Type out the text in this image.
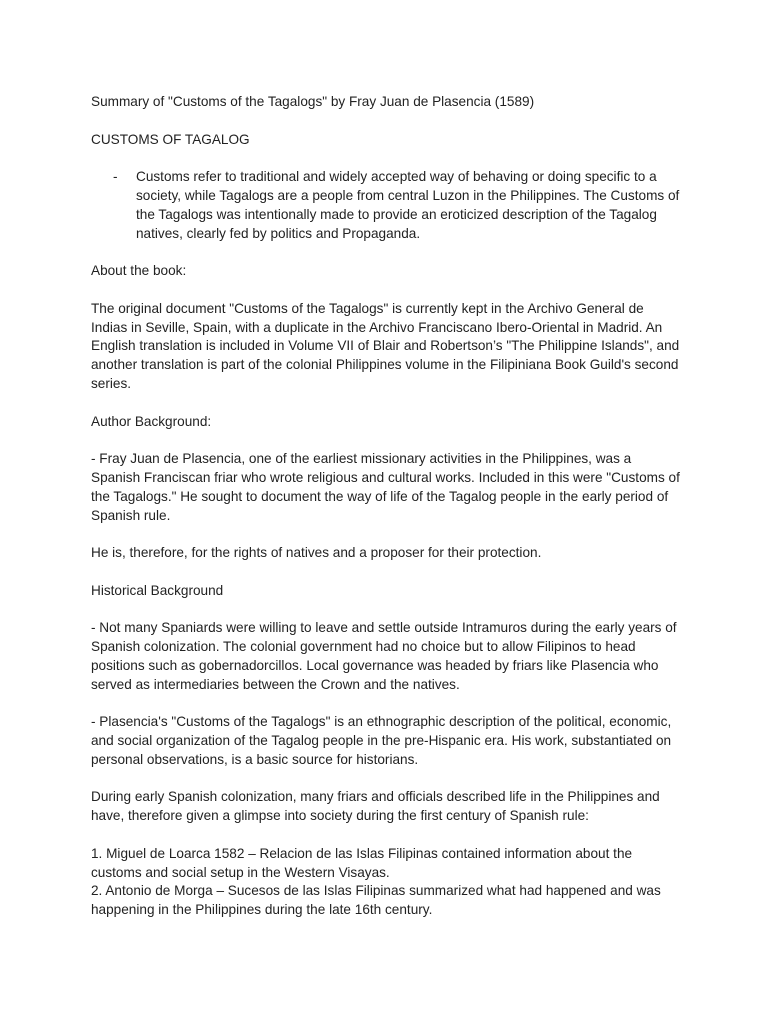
Summary of "Customs of the Tagalogs" by Fray Juan de Plasencia (1589)

CUSTOMS OF TAGALOG

- Customs refer to traditional and widely accepted way of behaving or doing specific to a society, while Tagalogs are a people from central Luzon in the Philippines. The Customs of the Tagalogs was intentionally made to provide an eroticized description of the Tagalog natives, clearly fed by politics and Propaganda.

About the book:

The original document "Customs of the Tagalogs" is currently kept in the Archivo General de Indias in Seville, Spain, with a duplicate in the Archivo Franciscano Ibero-Oriental in Madrid. An English translation is included in Volume VII of Blair and Robertson’s "The Philippine Islands", and another translation is part of the colonial Philippines volume in the Filipiniana Book Guild's second series.

Author Background:

- Fray Juan de Plasencia, one of the earliest missionary activities in the Philippines, was a Spanish Franciscan friar who wrote religious and cultural works. Included in this were "Customs of the Tagalogs." He sought to document the way of life of the Tagalog people in the early period of Spanish rule.

He is, therefore, for the rights of natives and a proposer for their protection.

Historical Background

- Not many Spaniards were willing to leave and settle outside Intramuros during the early years of Spanish colonization. The colonial government had no choice but to allow Filipinos to head positions such as gobernadorcillos. Local governance was headed by friars like Plasencia who served as intermediaries between the Crown and the natives.

- Plasencia's "Customs of the Tagalogs" is an ethnographic description of the political, economic, and social organization of the Tagalog people in the pre-Hispanic era. His work, substantiated on personal observations, is a basic source for historians.

During early Spanish colonization, many friars and officials described life in the Philippines and have, therefore given a glimpse into society during the first century of Spanish rule:

1. Miguel de Loarca 1582 – Relacion de las Islas Filipinas contained information about the customs and social setup in the Western Visayas.

2. Antonio de Morga – Sucesos de las Islas Filipinas summarized what had happened and was happening in the Philippines during the late 16th century.
